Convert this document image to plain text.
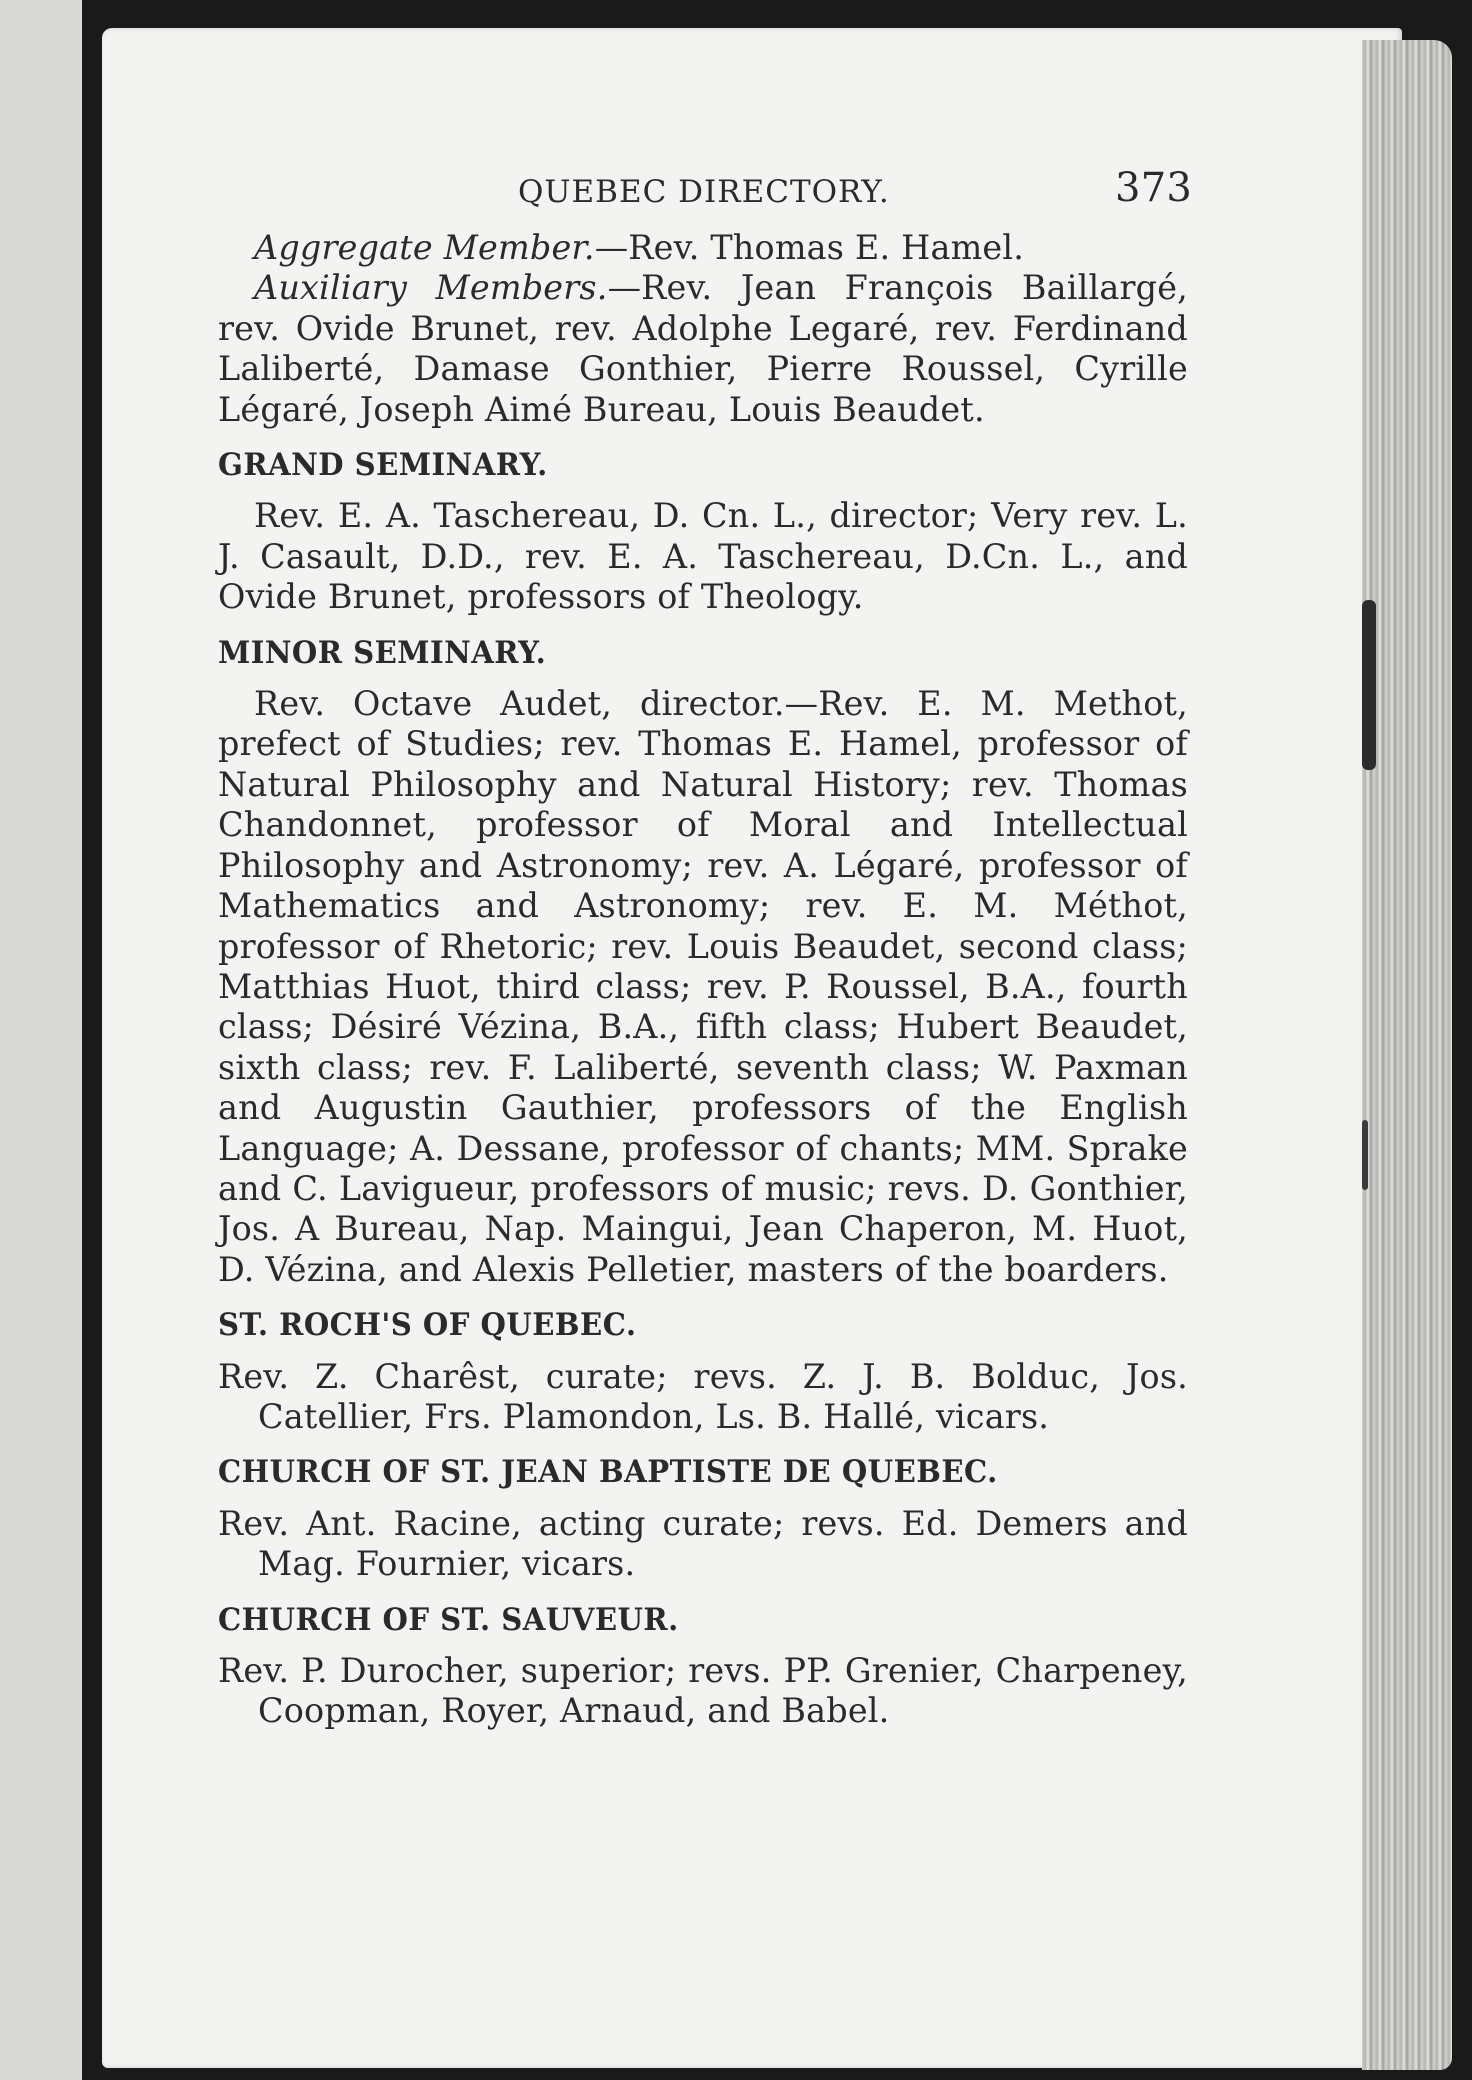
QUEBEC DIRECTORY.	373

Aggregate Member.—Rev. Thomas E. Hamel.

Auxiliary Members.—Rev. Jean François Baillargé, rev. Ovide Brunet, rev. Adolphe Legaré, rev. Ferdinand Laliberté, Damase Gonthier, Pierre Roussel, Cyrille Légaré, Joseph Aimé Bureau, Louis Beaudet.

GRAND SEMINARY.

Rev. E. A. Taschereau, D. Cn. L., director; Very rev. L. J. Casault, D.D., rev. E. A. Taschereau, D.Cn. L., and Ovide Brunet, professors of Theology.

MINOR SEMINARY.

Rev. Octave Audet, director.—Rev. E. M. Methot, prefect of Studies; rev. Thomas E. Hamel, professor of Natural Philosophy and Natural History; rev. Thomas Chandonnet, professor of Moral and Intellectual Philosophy and Astronomy; rev. A. Légaré, professor of Mathematics and Astronomy; rev. E. M. Méthot, professor of Rhetoric; rev. Louis Beaudet, second class; Matthias Huot, third class; rev. P. Roussel, B.A., fourth class; Désiré Vézina, B.A., fifth class; Hubert Beaudet, sixth class; rev. F. Laliberté, seventh class; W. Paxman and Augustin Gauthier, professors of the English Language; A. Dessane, professor of chants; MM. Sprake and C. Lavigueur, professors of music; revs. D. Gonthier, Jos. A Bureau, Nap. Maingui, Jean Chaperon, M. Huot, D. Vézina, and Alexis Pelletier, masters of the boarders.

ST. ROCH'S OF QUEBEC.

Rev. Z. Charêst, curate; revs. Z. J. B. Bolduc, Jos. Catellier, Frs. Plamondon, Ls. B. Hallé, vicars.

CHURCH OF ST. JEAN BAPTISTE DE QUEBEC.

Rev. Ant. Racine, acting curate; revs. Ed. Demers and Mag. Fournier, vicars.

CHURCH OF ST. SAUVEUR.

Rev. P. Durocher, superior; revs. PP. Grenier, Charpeney, Coopman, Royer, Arnaud, and Babel.
